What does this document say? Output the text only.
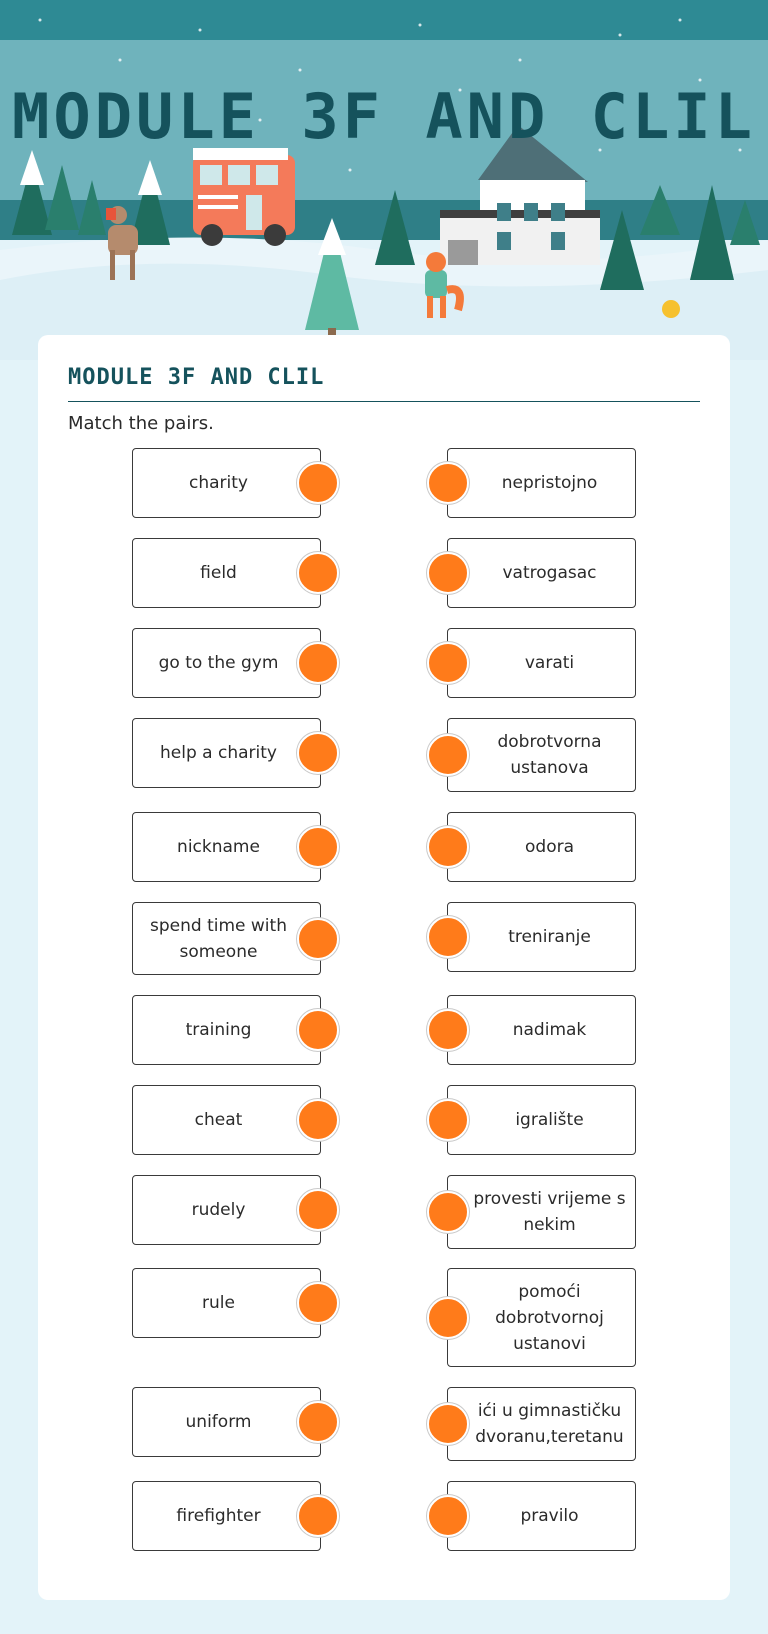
MODULE 3F AND CLIL
MODULE 3F AND CLIL
Match the pairs.
charity
field
go to the gym
help a charity
nickname
spend time with someone
training
cheat
rudely
rule
uniform
firefighter
nepristojno
vatrogasac
varati
dobrotvorna ustanova
odora
treniranje
nadimak
igralište
provesti vrijeme s nekim
pomoći dobrotvornoj ustanovi
ići u gimnastičku dvoranu,teretanu
pravilo
